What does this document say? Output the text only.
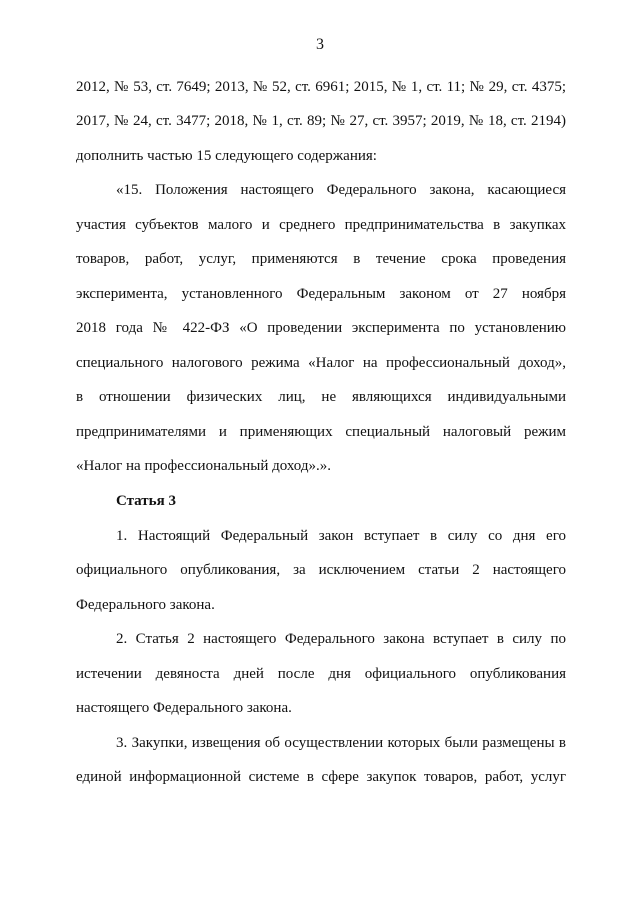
3
2012, № 53, ст. 7649; 2013, № 52, ст. 6961; 2015, № 1, ст. 11; № 29, ст. 4375;
2017, № 24, ст. 3477; 2018, № 1, ст. 89; № 27, ст. 3957; 2019, № 18, ст. 2194)
дополнить частью 15 следующего содержания:
«15. Положения настоящего Федерального закона, касающиеся
участия субъектов малого и среднего предпринимательства в закупках
товаров, работ, услуг, применяются в течение срока проведения
эксперимента, установленного Федеральным законом от 27 ноября
2018 года № 422-ФЗ «О проведении эксперимента по установлению
специального налогового режима «Налог на профессиональный доход»,
в отношении физических лиц, не являющихся индивидуальными
предпринимателями и применяющих специальный налоговый режим
«Налог на профессиональный доход».».
Статья 3
1. Настоящий Федеральный закон вступает в силу со дня его
официального опубликования, за исключением статьи 2 настоящего
Федерального закона.
2. Статья 2 настоящего Федерального закона вступает в силу по
истечении девяноста дней после дня официального опубликования
настоящего Федерального закона.
3. Закупки, извещения об осуществлении которых были размещены в
единой информационной системе в сфере закупок товаров, работ, услуг
